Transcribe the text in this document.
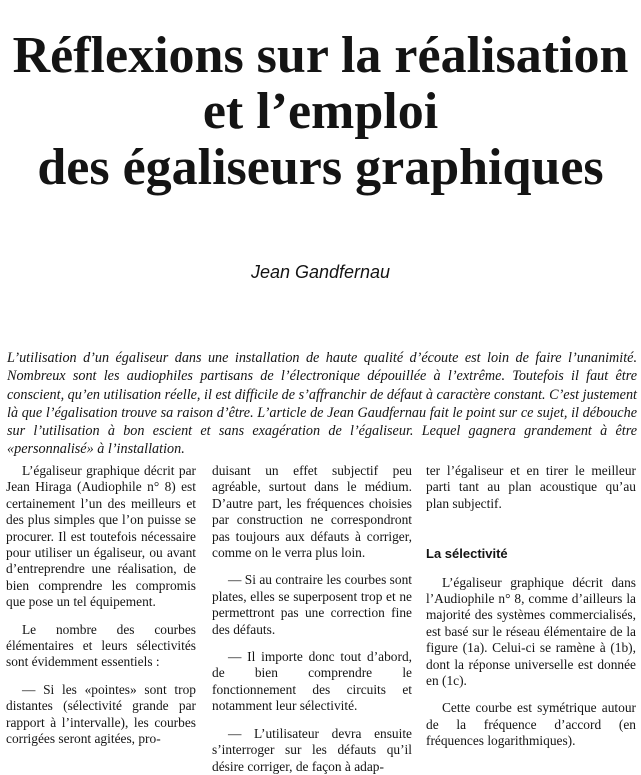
Réflexions sur la réalisation
et l’emploi
des égaliseurs graphiques
Jean Gandfernau

L’utilisation d’un égaliseur dans une installation de haute qualité d’écoute est loin de faire l’unanimité. Nombreux sont les audiophiles partisans de l’électronique dépouillée à l’extrême. Toutefois il faut être conscient, qu’en utilisation réelle, il est difficile de s’affranchir de défaut à caractère constant. C’est justement là que l’égalisation trouve sa raison d’être. L’article de Jean Gaudfernau fait le point sur ce sujet, il débouche sur l’utilisation à bon escient et sans exagération de l’égaliseur. Lequel gagnera grandement à être «personnalisé» à l’installation.

L’égaliseur graphique décrit par Jean Hiraga (Audiophile n° 8) est certainement l’un des meilleurs et des plus simples que l’on puisse se procurer. Il est toutefois nécessaire pour utiliser un égaliseur, ou avant d’entreprendre une réalisation, de bien comprendre les compromis que pose un tel équipement.

Le nombre des courbes élémentaires et leurs sélectivités sont évidemment essentiels :

— Si les «pointes» sont trop distantes (sélectivité grande par rapport à l’intervalle), les courbes corrigées seront agitées, pro-

duisant un effet subjectif peu agréable, surtout dans le médium. D’autre part, les fréquences choisies par construction ne correspondront pas toujours aux défauts à corriger, comme on le verra plus loin.

— Si au contraire les courbes sont plates, elles se superposent trop et ne permettront pas une correction fine des défauts.

— Il importe donc tout d’abord, de bien comprendre le fonctionnement des circuits et notamment leur sélectivité.

— L’utilisateur devra ensuite s’interroger sur les défauts qu’il désire corriger, de façon à adap-

ter l’égaliseur et en tirer le meilleur parti tant au plan acoustique qu’au plan subjectif.

La sélectivité

L’égaliseur graphique décrit dans l’Audiophile n° 8, comme d’ailleurs la majorité des systèmes commercialisés, est basé sur le réseau élémentaire de la figure (1a). Celui-ci se ramène à (1b), dont la réponse universelle est donnée en (1c).

Cette courbe est symétrique autour de la fréquence d’accord (en fréquences logarithmiques).
